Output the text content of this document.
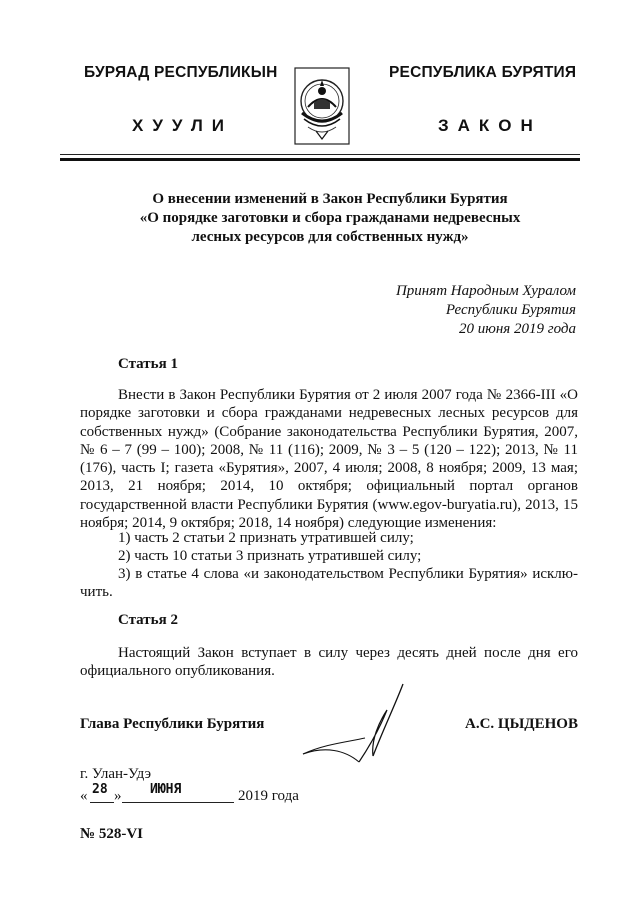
БУРЯАД РЕСПУБЛИКЫН
ХУУЛИ
РЕСПУБЛИКА БУРЯТИЯ
ЗАКОН
О внесении изменений в Закон Республики Бурятия
«О порядке заготовки и сбора гражданами недревесных
лесных ресурсов для собственных нужд»
Принят Народным Хуралом
Республики Бурятия
20 июня 2019 года
Статья 1

Внести в Закон Республики Бурятия от 2 июля 2007 года № 2366-III «О порядке заготовки и сбора гражданами недревесных лесных ресурсов для собственных нужд» (Собрание законодательства Республики Бурятия, 2007, № 6 – 7 (99 – 100); 2008, № 11 (116); 2009, № 3 – 5 (120 – 122); 2013, № 11 (176), часть I; газета «Бурятия», 2007, 4 июля; 2008, 8 ноября; 2009, 13 мая; 2013, 21 ноября; 2014, 10 октября; официальный портал органов государственной власти Республики Бурятия (www.egov-buryatia.ru), 2013, 15 ноября; 2014, 9 октября; 2018, 14 ноября) следующие изменения:

1) часть 2 статьи 2 признать утратившей силу;
2) часть 10 статьи 3 признать утратившей силу;
3) в статье 4 слова «и законодательством Республики Бурятия» исклю-
чить.
Статья 2

Настоящий Закон вступает в силу через десять дней после дня его официального опубликования.

Глава Республики Бурятия	А.С. ЦЫДЕНОВ
г. Улан-Удэ
« 28 » ИЮНЯ	2019 года
№ 528-VI
